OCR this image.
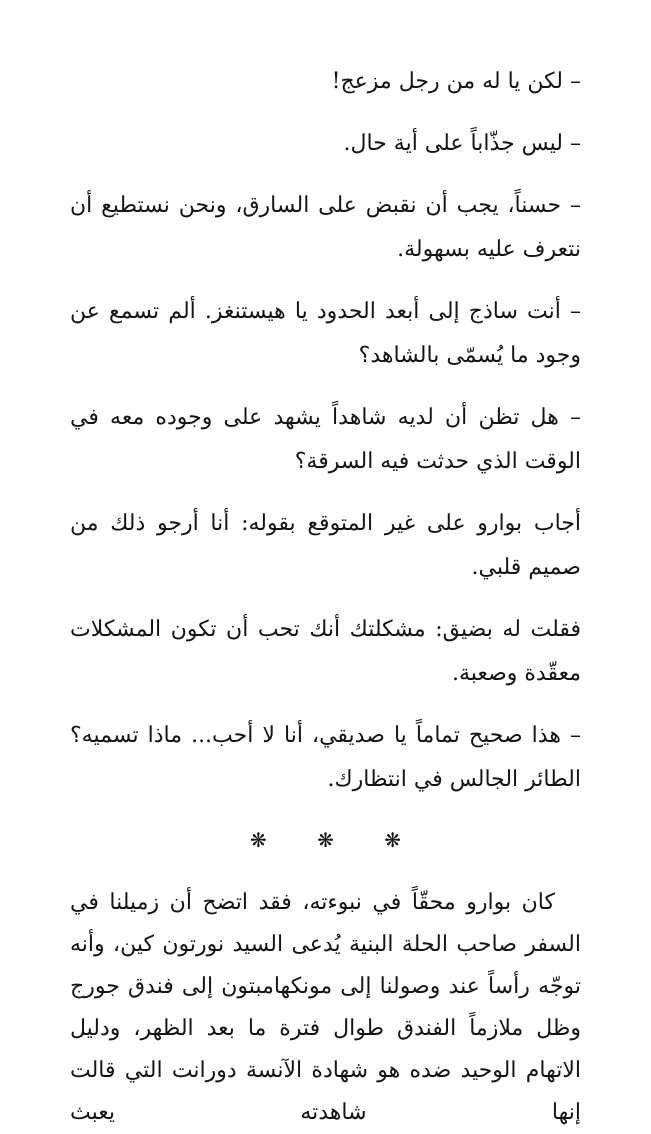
– لكن يا له من رجل مزعج!

– ليس جذّاباً على أية حال.

– حسناً، يجب أن نقبض على السارق، ونحن نستطيع أن نتعرف عليه بسهولة.

– أنت ساذج إلى أبعد الحدود يا هيستنغز. ألم تسمع عن وجود ما يُسمّى بالشاهد؟

– هل تظن أن لديه شاهداً يشهد على وجوده معه في الوقت الذي حدثت فيه السرقة؟

أجاب بوارو على غير المتوقع بقوله: أنا أرجو ذلك من صميم قلبي.

فقلت له بضيق: مشكلتك أنك تحب أن تكون المشكلات معقّدة وصعبة.

– هذا صحيح تماماً يا صديقي، أنا لا أحب... ماذا تسميه؟ الطائر الجالس في انتظارك.

❋ ❋ ❋

كان بوارو محقّاً في نبوءته، فقد اتضح أن زميلنا في السفر صاحب الحلة البنية يُدعى السيد نورتون كين، وأنه توجّه رأساً عند وصولنا إلى مونكهامبتون إلى فندق جورج وظل ملازماً الفندق طوال فترة ما بعد الظهر، ودليل الاتهام الوحيد ضده هو شهادة الآنسة دورانت التي قالت إنها شاهدته يعبث
